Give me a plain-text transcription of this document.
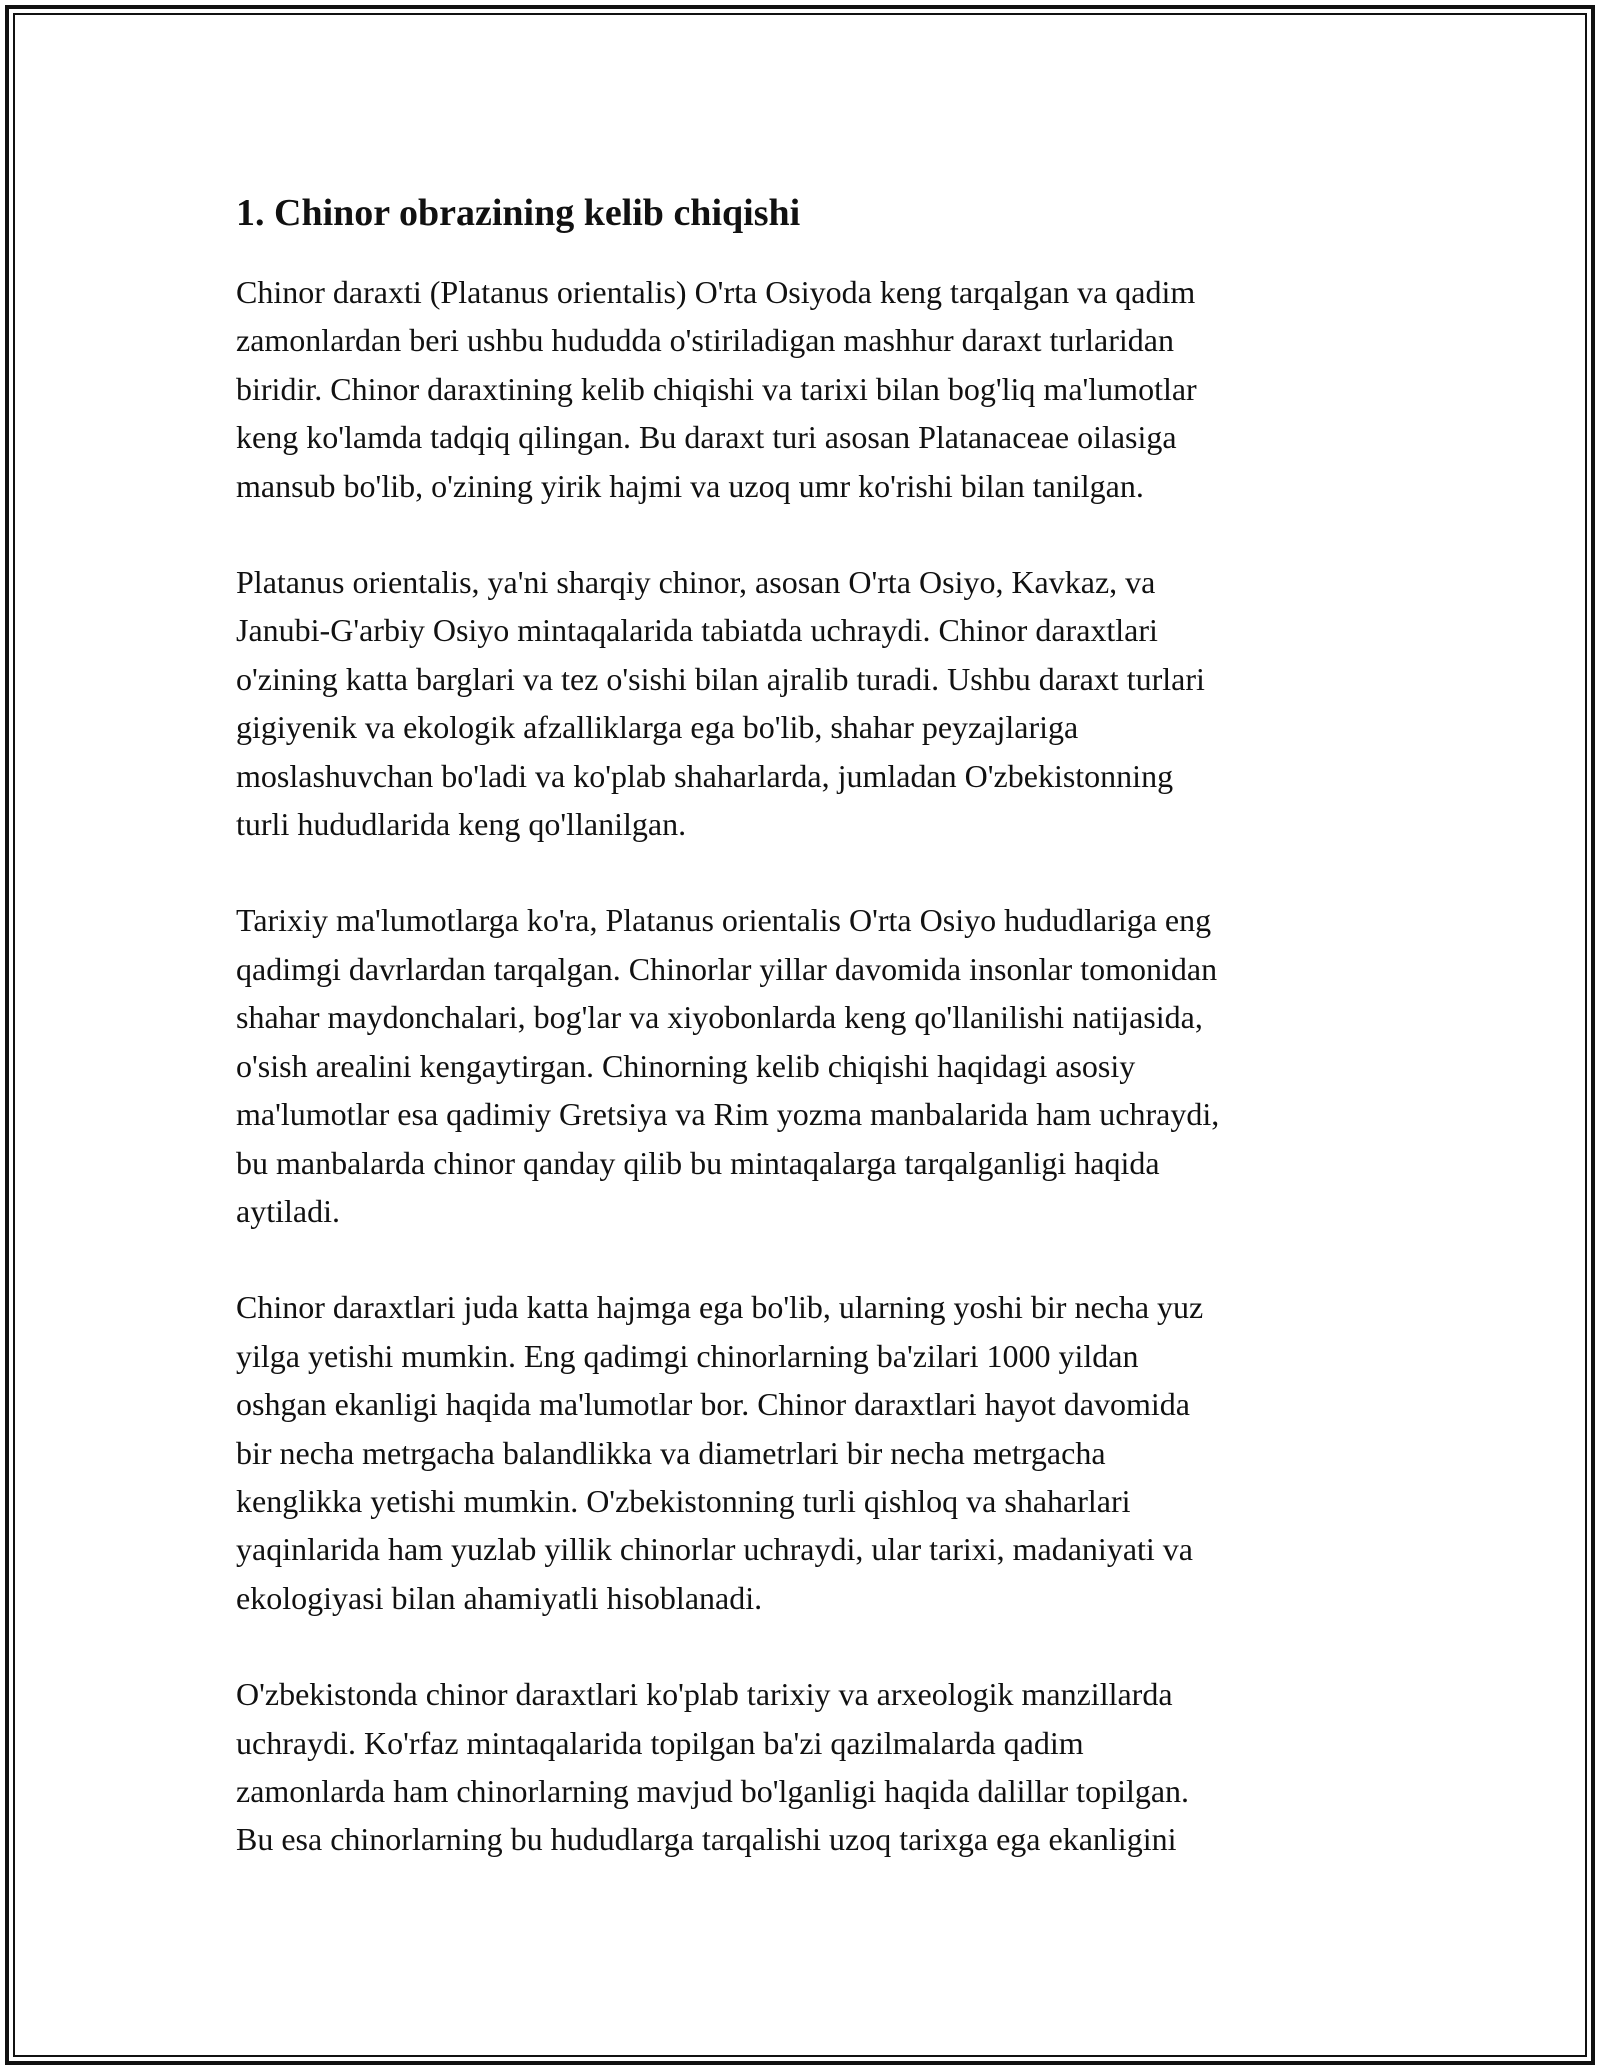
1. Chinor obrazining kelib chiqishi

Chinor daraxti (Platanus orientalis) O'rta Osiyoda keng tarqalgan va qadim
zamonlardan beri ushbu hududda o'stiriladigan mashhur daraxt turlaridan
biridir. Chinor daraxtining kelib chiqishi va tarixi bilan bog'liq ma'lumotlar
keng ko'lamda tadqiq qilingan. Bu daraxt turi asosan Platanaceae oilasiga
mansub bo'lib, o'zining yirik hajmi va uzoq umr ko'rishi bilan tanilgan.

Platanus orientalis, ya'ni sharqiy chinor, asosan O'rta Osiyo, Kavkaz, va
Janubi-G'arbiy Osiyo mintaqalarida tabiatda uchraydi. Chinor daraxtlari
o'zining katta barglari va tez o'sishi bilan ajralib turadi. Ushbu daraxt turlari
gigiyenik va ekologik afzalliklarga ega bo'lib, shahar peyzajlariga
moslashuvchan bo'ladi va ko'plab shaharlarda, jumladan O'zbekistonning
turli hududlarida keng qo'llanilgan.

Tarixiy ma'lumotlarga ko'ra, Platanus orientalis O'rta Osiyo hududlariga eng
qadimgi davrlardan tarqalgan. Chinorlar yillar davomida insonlar tomonidan
shahar maydonchalari, bog'lar va xiyobonlarda keng qo'llanilishi natijasida,
o'sish arealini kengaytirgan. Chinorning kelib chiqishi haqidagi asosiy
ma'lumotlar esa qadimiy Gretsiya va Rim yozma manbalarida ham uchraydi,
bu manbalarda chinor qanday qilib bu mintaqalarga tarqalganligi haqida
aytiladi.

Chinor daraxtlari juda katta hajmga ega bo'lib, ularning yoshi bir necha yuz
yilga yetishi mumkin. Eng qadimgi chinorlarning ba'zilari 1000 yildan
oshgan ekanligi haqida ma'lumotlar bor. Chinor daraxtlari hayot davomida
bir necha metrgacha balandlikka va diametrlari bir necha metrgacha
kenglikka yetishi mumkin. O'zbekistonning turli qishloq va shaharlari
yaqinlarida ham yuzlab yillik chinorlar uchraydi, ular tarixi, madaniyati va
ekologiyasi bilan ahamiyatli hisoblanadi.

O'zbekistonda chinor daraxtlari ko'plab tarixiy va arxeologik manzillarda
uchraydi. Ko'rfaz mintaqalarida topilgan ba'zi qazilmalarda qadim
zamonlarda ham chinorlarning mavjud bo'lganligi haqida dalillar topilgan.
Bu esa chinorlarning bu hududlarga tarqalishi uzoq tarixga ega ekanligini
